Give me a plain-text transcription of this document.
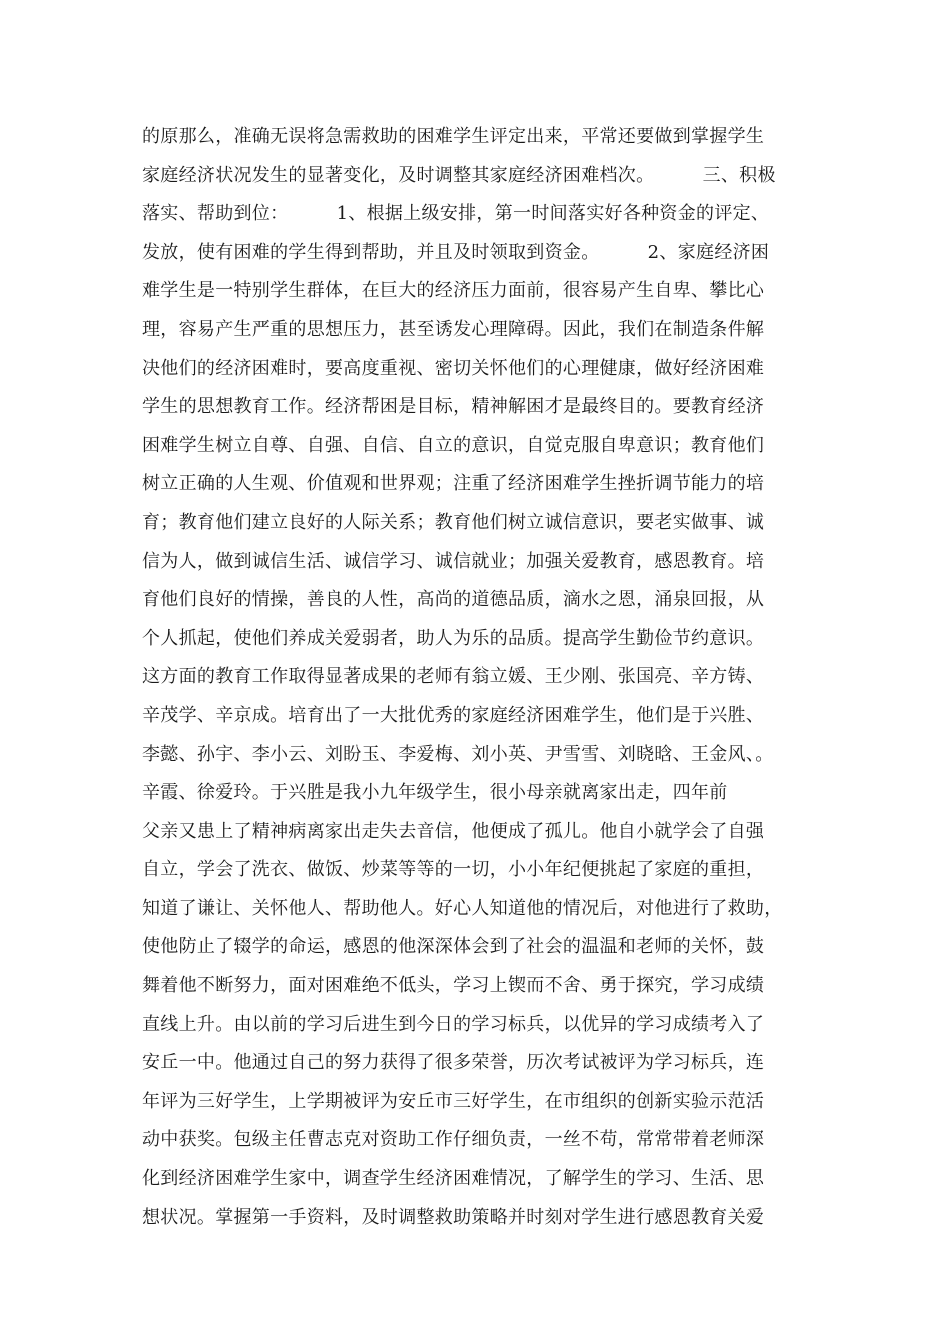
的原那么，准确无误将急需救助的困难学生评定出来，平常还要做到掌握学生
家庭经济状况发生的显著变化，及时调整其家庭经济困难档次。        三、积极
落实、帮助到位：        1、根据上级安排，第一时间落实好各种资金的评定、
发放，使有困难的学生得到帮助，并且及时领取到资金。        2、家庭经济困
难学生是一特别学生群体，在巨大的经济压力面前，很容易产生自卑、攀比心
理，容易产生严重的思想压力，甚至诱发心理障碍。因此，我们在制造条件解
决他们的经济困难时，要高度重视、密切关怀他们的心理健康，做好经济困难
学生的思想教育工作。经济帮困是目标，精神解困才是最终目的。要教育经济
困难学生树立自尊、自强、自信、自立的意识，自觉克服自卑意识；教育他们
树立正确的人生观、价值观和世界观；注重了经济困难学生挫折调节能力的培
育；教育他们建立良好的人际关系；教育他们树立诚信意识，要老实做事、诚
信为人，做到诚信生活、诚信学习、诚信就业；加强关爱教育，感恩教育。培
育他们良好的情操，善良的人性，高尚的道德品质，滴水之恩，涌泉回报，从
个人抓起，使他们养成关爱弱者，助人为乐的品质。提高学生勤俭节约意识。
这方面的教育工作取得显著成果的老师有翁立媛、王少刚、张国亮、辛方铸、
辛茂学、辛京成。培育出了一大批优秀的家庭经济困难学生，他们是于兴胜、
李懿、孙宇、李小云、刘盼玉、李爱梅、刘小英、尹雪雪、刘晓晗、王金风、。
辛霞、徐爱玲。于兴胜是我小九年级学生，很小母亲就离家出走，四年前
父亲又患上了精神病离家出走失去音信，他便成了孤儿。他自小就学会了自强
自立，学会了洗衣、做饭、炒菜等等的一切，小小年纪便挑起了家庭的重担，
知道了谦让、关怀他人、帮助他人。好心人知道他的情况后，对他进行了救助，
使他防止了辍学的命运，感恩的他深深体会到了社会的温温和老师的关怀，鼓
舞着他不断努力，面对困难绝不低头，学习上锲而不舍、勇于探究，学习成绩
直线上升。由以前的学习后进生到今日的学习标兵，以优异的学习成绩考入了
安丘一中。他通过自己的努力获得了很多荣誉，历次考试被评为学习标兵，连
年评为三好学生，上学期被评为安丘市三好学生，在市组织的创新实验示范活
动中获奖。包级主任曹志克对资助工作仔细负责，一丝不苟，常常带着老师深
化到经济困难学生家中，调查学生经济困难情况，了解学生的学习、生活、思
想状况。掌握第一手资料，及时调整救助策略并时刻对学生进行感恩教育关爱
